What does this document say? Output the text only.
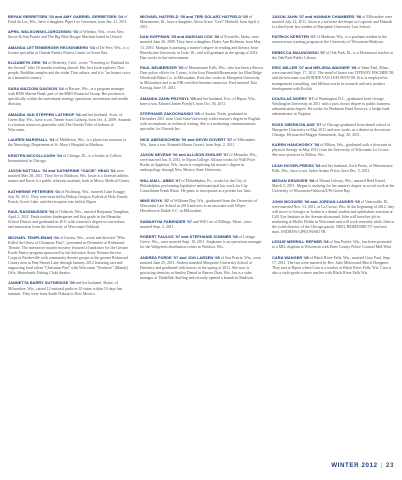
BRYAN GERRETSEN '03 and AMY GABRIEL GERRETSEN '04 of Fond du Lac, Wis., have a daughter, Piper Lee Gerretsen, born Jan. 21, 2011.

APRIL WALKOWSKI-JAROZINSKI '03 of Windsor, Wis., owns Alex Stowe & Sun Prairie and The Big Blue Boogie Machine based in Oxford.

AMANDA LETTENBERGER RECKENBERG '03 of De Pere, Wis., is a license specialist at Oneida Family Fitness Center in Green Bay.

ELIZABETH ZIRK '03 of Berkeley, Calif., wrote "Traveling to Thailand for the Second" after 10 months teaching abroad. Her first book explores Thai people, Buddhist temples and the wider Thai culture, and it is "an honest voice in a beautiful country."

SARA MAZZONI DAVISON '04 of Racine, Wis., is a program manager with RMS Marine Bank, part of the BMO Financial Group. Her position is specifically within the investment strategy operations, investment and wealth division.

AMANDA VAN STEPPEN LATHROP '04 and her husband, Scott, of Green Bay, Wis., have a son, Tanner Scott Lathrop, born Oct. 4, 2009. Amanda is a human resources generalist with The Oneida Tribe of Indians of Wisconsin.

LAUREN MARSHALL '04 of Middleton, Wis., is a physician assistant at the Neurology Department at St. Mary's Hospital in Madison.

KRISTEN MCCOLLOUGH '04 of Chicago, Ill., is a broker at Colliers International in Chicago.

JASON NUTTALL '04 and KATHERINE "KACIE" HEAD '04 were married May 28, 2011. They live in Madison, Wis. Jason is a licensed athletic trainer and Kacie is a public relations assistant, both at Mercy Medical Center.

KATHERINE PETERSEN '04 of Fitchburg, Wis., married Luke Knigge, July 30, 2011. They were married by Bishop Gregory Kuleck at Holy Family Parish, Grove Lake, and the reception was held at Ripon.

PAUL RASSMUSSEN '04 of Oshkosh, Wis., married Benjamin Tompkins, April 2, 2011. Paula teaches kindergarten and first grade in the Menasha School District and graduated in 2011 with a master's degree in curriculum and instruction from the University of Wisconsin-Oshkosh.

MICHAEL TEMPLEMAN '04 of Curtiss, Wis., wrote and directed "Who Killed the Ghost of Christmas Past?," presented in December at Richmond Theatre. The interactive murder mystery featured a fundraiser for the Greater Foods Pantry program sponsored by the Salvation Army Women Service Corps in Pardeeville with community theater groups in the greater Richmond County area at Pine Shores Lane through January 2012 featuring cast and supporting local talent "Christmas Past" with Wisconsin "Nowhere" (Mandy) (Wis. Hinterlands Fishing Club) theatre.

JANNETTA BARRY SUTHRIDGE '05 and her husband, Shane, of Milwaukee, Wis., raised 12 national parks in 10 states within 10 days last summer. They were from South Dakota to New Mexico.

MICHAEL HATFIELD '05 and TERI SOLARZ HATFIELD '05 of Menomonie, Ill., have a daughter, Alexa Grace "Lexi" Hatfield, born April 2, 2011.

DAN HOFFMAN '05 and MAEGAN COX '06 of Pocatello, Idaho, were married June 26, 2009. They have a daughter, Haley Ann Hoffman, born May 13, 2010. Maegan is pursuing a master's degree in reading and literacy from Benedictine University in Lisle, Ill., and will graduate in the spring of 2012. Dan works in law enforcement.

PAUL NEUBERGER '05 of Menomonee Falls, Wis., who has been a Brown Deer police officer for 5 years, is the Iron Pitsmith/Boarmaster for Blue Ridge Woodcraft Bikes Co. in Milwaukee. Paul also works at Marquette University in Milwaukee and is an FBI-certified firearms instructor. Paul married Tara Kressig, June 19, 2011.

AMANDA ZAHN PRZYBYL '05 and her husband, Eric, of Ripon, Wis., have a son, Edward James Przybyl, born Oct. 30, 2011.

STEPHANIE ZAKOCHANSKI '05 of Austin, Texas, graduated in December 2011 from Utah State University with a master's degree in English, with an emphasis in technical writing. She is a marketing communications specialist for Cheetah Inc.

NICK ABENDSCHEIN '06 and KEVIN GOVERT '07 of Milwaukee, Wis., have a son, Kenneth Mason Govert, born Sept. 2, 2011.

JASON NEVENS '06 and ALLISON ENGLER '07 of Menasha, Wis., were married Jan. 8, 2011, in Ripon College. Allison works for Wall Price Books in Appleton, Wis. Jason is completing his master's degree in anthropology through New Mexico State University.

WILLIAM L. ABBS '07 of Philadelphia, Pa., works for the City of Philadelphia, performing legislative and municipal law work for City Councilman Frank Rizzo. He plans to incorporate as a private law firm.

MIKE BOYK '07 of Williams Bay, Wis., graduated from the University of Wisconsin Law School in 2010 and now is an associate with Whyte Hirschboeck Dudek S.C. in Milwaukee.

SAMANTHA FABENDER '07 and Will Lee of Billings, Mont., were married Sept. 3, 2011.

ROBERT FAULDS '07 and STEPHANIE SOMMER '08 of Cottage Grove, Wis., were married Sept. 18, 2011. Stephanie is an operations manager for the Walgreens distribution center in Windsor, Wis.

ANDREA FORDE '07 and JON LARSEN '08 of Sun Prairie, Wis., were married June 25, 2011. Andrea attended Marquette University School of Dentistry and graduated with honors in the spring of 2011. She now is practicing dentistry at Smiley Dental in Beaver Dam, Wis. Jon is a sales manager at ThinkPath Staffing and recently opened a branch in Madison.

JASON JAHN '07 and HANNAH CHAMBERS '08 of Milwaukee were married July 22, 2011. Jason is a software developer at Logicom and Hannah is a third-year law student at Marquette University Law School.

PATRICK KERSTEN '07 of Madison, Wis., is a graduate student in the neuroscience training program at the University of Wisconsin-Madison.

REBECCA MALINOWSKI '07 of Oak Park, Ill., is a Montessori teacher at the Oak Park Public Library.

ERIC MILLER '07 and MELISSA WAGNER '08 of Saint Paul, Minn., were married Sept. 17, 2011. The maid of honor was TIFFANY FISCHER '08, and the best man was RONNIE VAN LEEUWEN '08. Eric is employed in management consulting, and Melissa works in research and new product development with Ecolab.

DOUGLAS NORRY '07 of Washington D.C., graduated from George Washington University in 2011 with a juris doctor degree in public business administration degree. He works for Piedmont Fund Services, a hedge fund administrator in Virginia.

ROSS OBERSCHLAKE '07 of Chicago graduated from dental school at Marquette University in May 2011 and now works as a dentist in downtown Chicago. He married Maggie Siemieniak, Aug. 20, 2011.

KAREN HANCHOSKY '08 of Milton, Wis., graduated with a doctorate in physical therapy in May 2011 from the University of Wisconsin-La Crosse. She now practices in Milton, Wis.

LEAH HOVER-PREISS '08 and her husband, Zach Preiss, of Menomonee Falls, Wis., have a son, Jaden Ariano Preiss, born Dec. 5, 2011.

MEGAN KRUEGER '08 of Mount Calvary, Wis., married Reid Krizel, March 5, 2011. Megan is studying for her master's degree in social work at the University of Wisconsin-Oshkosh/UW-Green Bay.

JOHN MCGUIRE '08 and JORDAN LANGER '09 of Vanvouille, Ill., were married Nov. 13, 2011, at La Crosse, Wis. At the beginning of 2012, they will move to Georgia as Jordan is a dental student and ophthalmic assistant at LSU Eye Institute in the Avenue ultrasound. John will have her job in marketing at Mollie Dobbs in Wisconsin and will work remotely while John is the youth director of the Chicago parish. NEEL BEIMFORD '07 was best man. ANDREW LIPKOWSKI '08.

LESLIE MERRILL REFNER '08 of Sun Prairie, Wis., has been promoted to a MIL chaplain at Wisconsin with Dane County Police Counsel Mid-West.

CARA WANGER '08 of Black River Falls, Wis., married Gary Faul, Sept. 17, 2011. The two were married by Rev. Julie Milton and Merril Hoeppner. They met at Ripon where Cara is a teacher at Black River Falls, Wis. Cara is also a sixth-grade science teacher with Black River Falls Wis.

WINTER 2012 | 23
